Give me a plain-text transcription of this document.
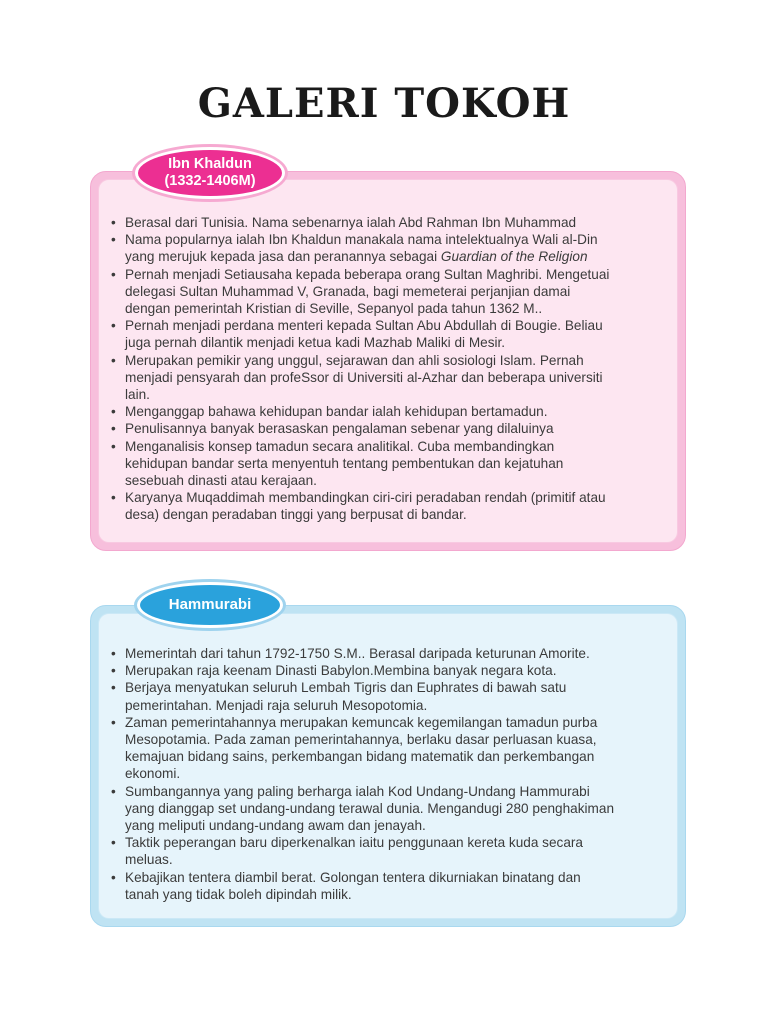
GALERI TOKOH
• Berasal dari Tunisia. Nama sebenarnya ialah Abd Rahman Ibn Muhammad
• Nama popularnya ialah Ibn Khaldun manakala nama intelektualnya Wali al-Din
yang merujuk kepada jasa dan peranannya sebagai Guardian of the Religion
• Pernah menjadi Setiausaha kepada beberapa orang Sultan Maghribi. Mengetuai
delegasi Sultan Muhammad V, Granada, bagi memeterai perjanjian damai
dengan pemerintah Kristian di Seville, Sepanyol pada tahun 1362 M..
• Pernah menjadi perdana menteri kepada Sultan Abu Abdullah di Bougie. Beliau
juga pernah dilantik menjadi ketua kadi Mazhab Maliki di Mesir.
• Merupakan pemikir yang unggul, sejarawan dan ahli sosiologi Islam. Pernah
menjadi pensyarah dan profeSsor di Universiti al-Azhar dan beberapa universiti
lain.
• Menganggap bahawa kehidupan bandar ialah kehidupan bertamadun.
• Penulisannya banyak berasaskan pengalaman sebenar yang dilaluinya
• Menganalisis konsep tamadun secara analitikal. Cuba membandingkan
kehidupan bandar serta menyentuh tentang pembentukan dan kejatuhan
sesebuah dinasti atau kerajaan.
• Karyanya Muqaddimah membandingkan ciri-ciri peradaban rendah (primitif atau
desa) dengan peradaban tinggi yang berpusat di bandar.
Ibn Khaldun
(1332-1406M)
• Memerintah dari tahun 1792-1750 S.M.. Berasal daripada keturunan Amorite.
• Merupakan raja keenam Dinasti Babylon.Membina banyak negara kota.
• Berjaya menyatukan seluruh Lembah Tigris dan Euphrates di bawah satu
pemerintahan. Menjadi raja seluruh Mesopotomia.
• Zaman pemerintahannya merupakan kemuncak kegemilangan tamadun purba
Mesopotamia. Pada zaman pemerintahannya, berlaku dasar perluasan kuasa,
kemajuan bidang sains, perkembangan bidang matematik dan perkembangan
ekonomi.
• Sumbangannya yang paling berharga ialah Kod Undang-Undang Hammurabi
yang dianggap set undang-undang terawal dunia. Mengandugi 280 penghakiman
yang meliputi undang-undang awam dan jenayah.
• Taktik peperangan baru diperkenalkan iaitu penggunaan kereta kuda secara
meluas.
• Kebajikan tentera diambil berat. Golongan tentera dikurniakan binatang dan
tanah yang tidak boleh dipindah milik.
Hammurabi
